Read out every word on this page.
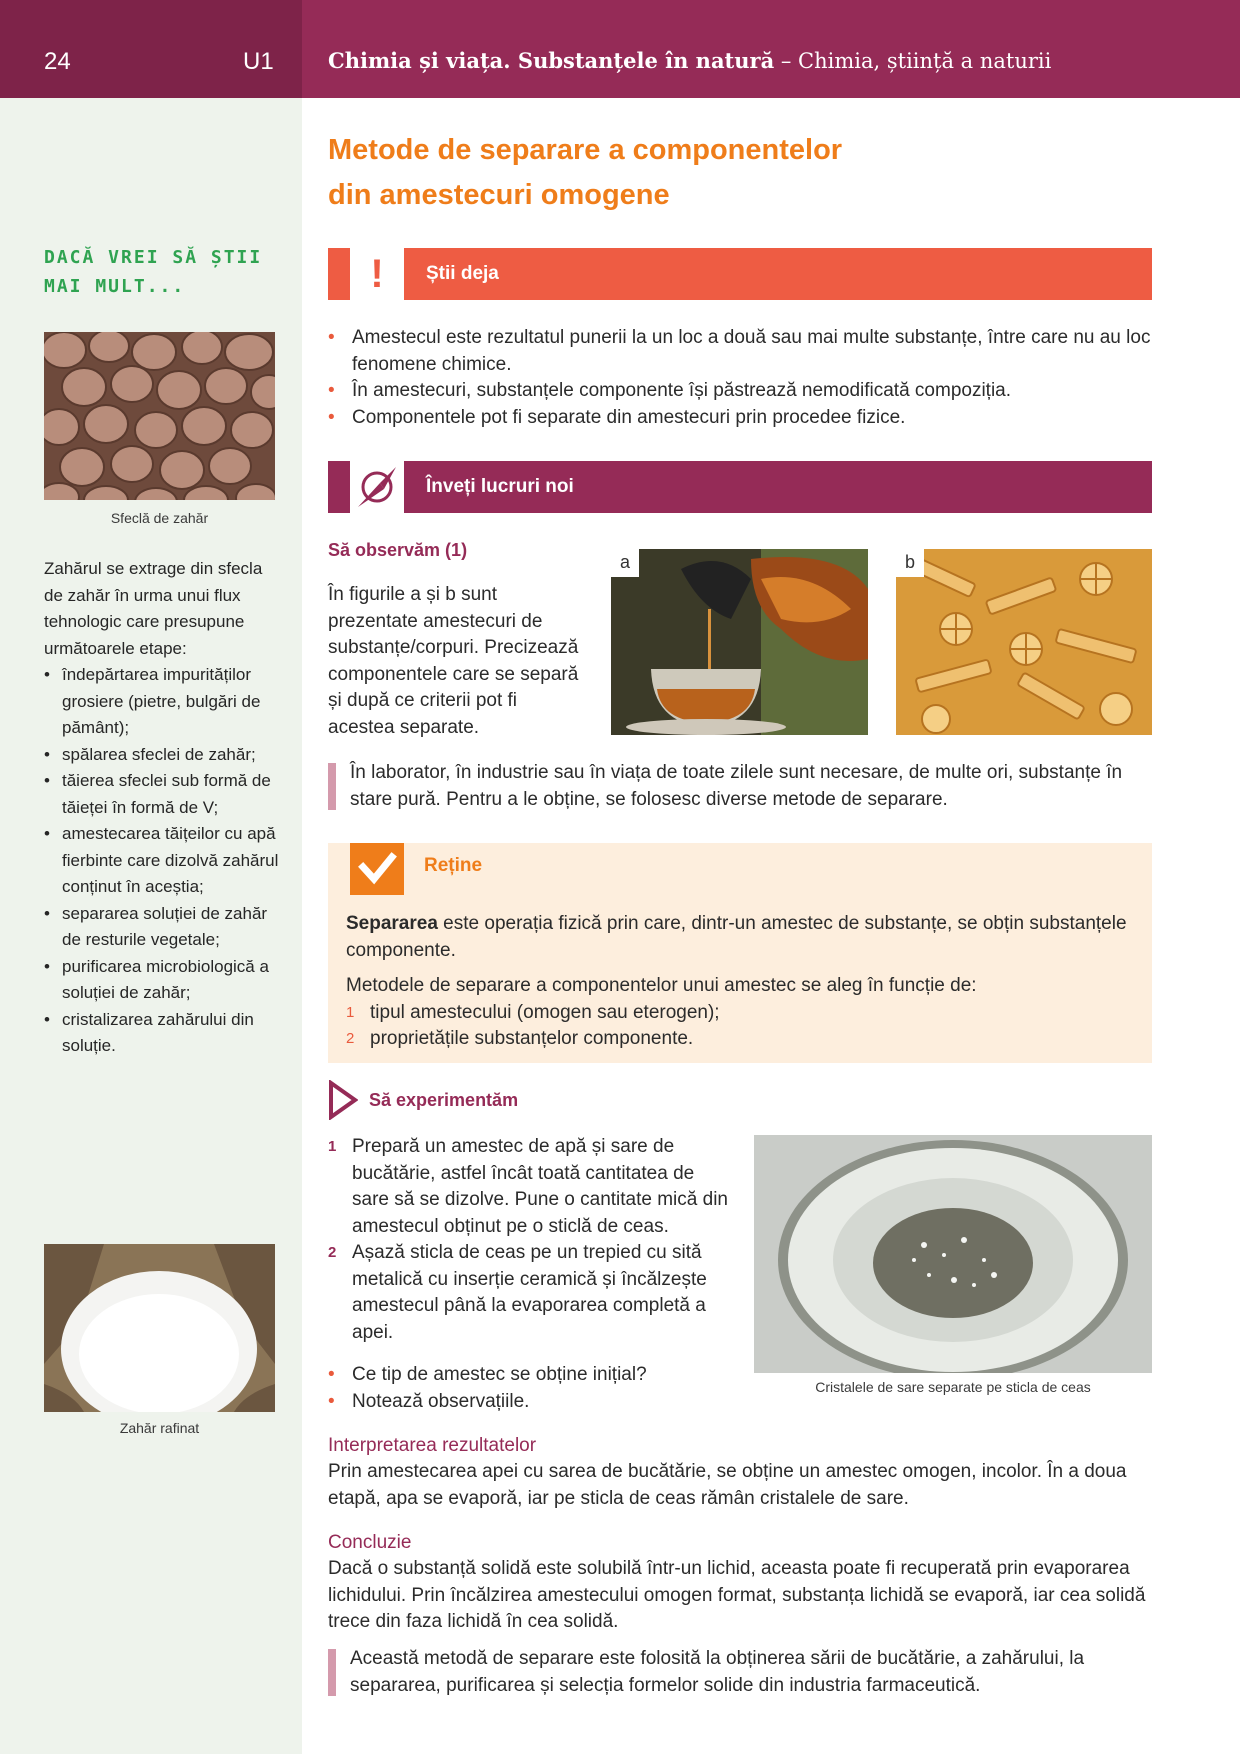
24	U1	Chimia și viața. Substanțele în natură – Chimia, știință a naturii
DACĂ VREI SĂ ȘTII MAI MULT...
Sfeclă de zahăr
Zahărul se extrage din sfecla de zahăr în urma unui flux tehnologic care presupune următoarele etape:
• îndepărtarea impurităților grosiere (pietre, bulgări de pământ);
• spălarea sfeclei de zahăr;
• tăierea sfeclei sub formă de tăieței în formă de V;
• amestecarea tăițeilor cu apă fierbinte care dizolvă zahărul conținut în aceștia;
• separarea soluției de zahăr de resturile vegetale;
• purificarea microbiologică a soluției de zahăr;
• cristalizarea zahărului din soluție.
Zahăr rafinat
Metode de separare a componentelor
din amestecuri omogene
!	Știi deja
• Amestecul este rezultatul punerii la un loc a două sau mai multe substanțe, între care nu au loc fenomene chimice.
• În amestecuri, substanțele componente își păstrează nemodificată compoziția.
• Componentele pot fi separate din amestecuri prin procedee fizice.
Înveți lucruri noi
Să observăm (1)
În figurile a și b sunt prezentate amestecuri de substanțe/corpuri. Precizează componentele care se separă și după ce criterii pot fi acestea separate.
a	b
În laborator, în industrie sau în viața de toate zilele sunt necesare, de multe ori, substanțe în stare pură. Pentru a le obține, se folosesc diverse metode de separare.
Reține
Separarea este operația fizică prin care, dintr-un amestec de substanțe, se obțin substanțele componente.
Metodele de separare a componentelor unui amestec se aleg în funcție de:
1 tipul amestecului (omogen sau eterogen);
2 proprietățile substanțelor componente.
Să experimentăm
1 Prepară un amestec de apă și sare de bucătărie, astfel încât toată cantitatea de sare să se dizolve. Pune o cantitate mică din amestecul obținut pe o sticlă de ceas.
2 Așază sticla de ceas pe un trepied cu sită metalică cu inserție ceramică și încălzește amestecul până la evaporarea completă a apei.
• Ce tip de amestec se obține inițial?
• Notează observațiile.
Cristalele de sare separate pe sticla de ceas
Interpretarea rezultatelor
Prin amestecarea apei cu sarea de bucătărie, se obține un amestec omogen, incolor. În a doua etapă, apa se evaporă, iar pe sticla de ceas rămân cristalele de sare.
Concluzie
Dacă o substanță solidă este solubilă într-un lichid, aceasta poate fi recuperată prin evaporarea lichidului. Prin încălzirea amestecului omogen format, substanța lichidă se evaporă, iar cea solidă trece din faza lichidă în cea solidă.
Această metodă de separare este folosită la obținerea sării de bucătărie, a zahărului, la separarea, purificarea și selecția formelor solide din industria farmaceutică.
